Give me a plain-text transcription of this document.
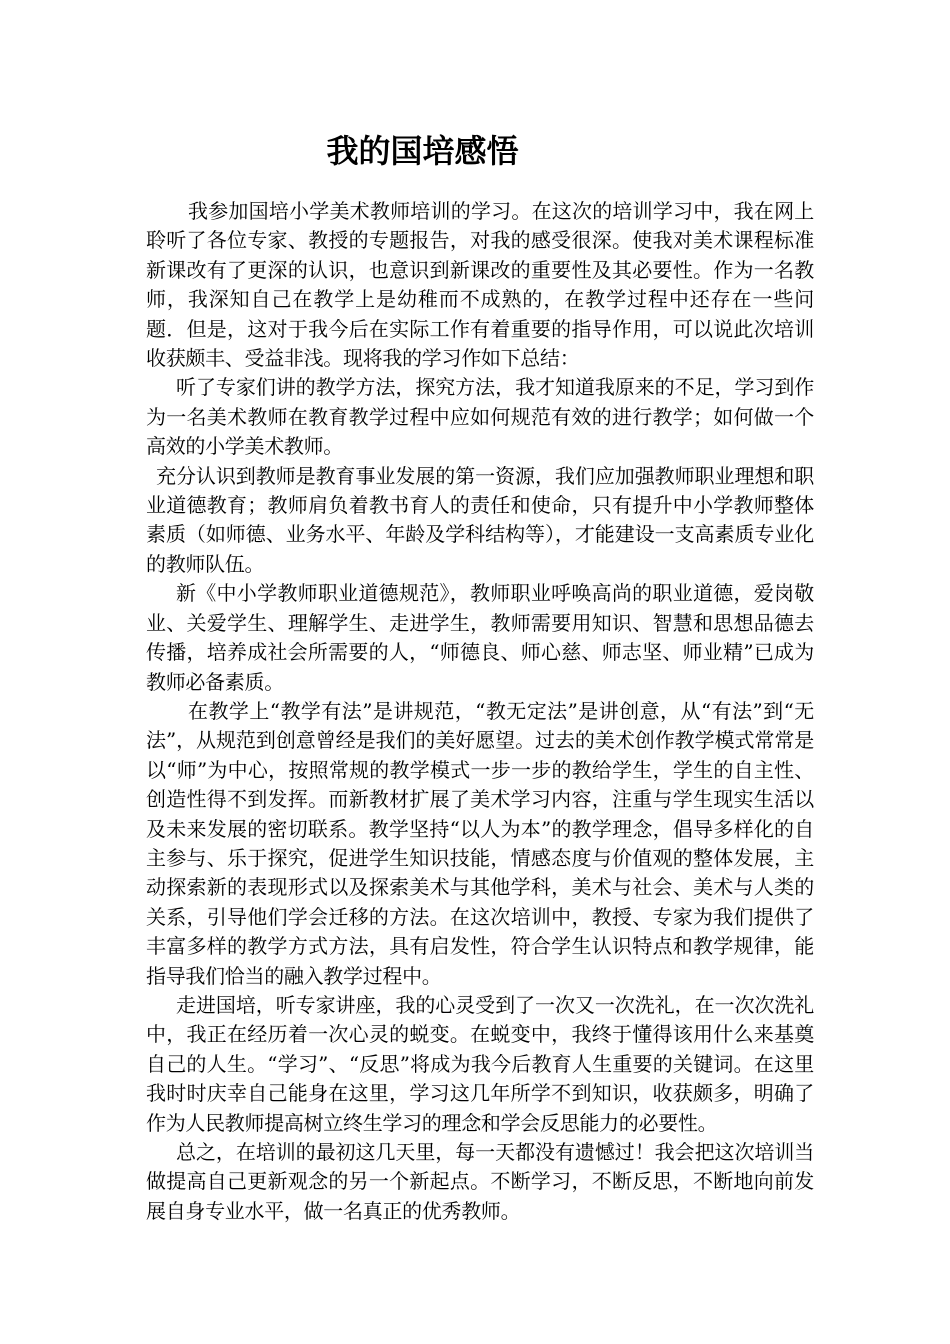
我的国培感悟

我参加国培小学美术教师培训的学习。在这次的培训学习中，我在网上聆听了各位专家、教授的专题报告，对我的感受很深。使我对美术课程标准新课改有了更深的认识，也意识到新课改的重要性及其必要性。作为一名教师，我深知自己在教学上是幼稚而不成熟的，在教学过程中还存在一些问题．但是，这对于我今后在实际工作有着重要的指导作用，可以说此次培训收获颇丰、受益非浅。现将我的学习作如下总结：

听了专家们讲的教学方法，探究方法，我才知道我原来的不足，学习到作为一名美术教师在教育教学过程中应如何规范有效的进行教学；如何做一个高效的小学美术教师。

充分认识到教师是教育事业发展的第一资源，我们应加强教师职业理想和职业道德教育；教师肩负着教书育人的责任和使命，只有提升中小学教师整体素质（如师德、业务水平、年龄及学科结构等），才能建设一支高素质专业化的教师队伍。

新《中小学教师职业道德规范》，教师职业呼唤高尚的职业道德，爱岗敬业、关爱学生、理解学生、走进学生，教师需要用知识、智慧和思想品德去传播，培养成社会所需要的人，“师德良、师心慈、师志坚、师业精”已成为教师必备素质。

在教学上“教学有法”是讲规范，“教无定法”是讲创意，从“有法”到“无法”，从规范到创意曾经是我们的美好愿望。过去的美术创作教学模式常常是以“师”为中心，按照常规的教学模式一步一步的教给学生，学生的自主性、创造性得不到发挥。而新教材扩展了美术学习内容，注重与学生现实生活以及未来发展的密切联系。教学坚持“以人为本”的教学理念，倡导多样化的自主参与、乐于探究，促进学生知识技能，情感态度与价值观的整体发展，主动探索新的表现形式以及探索美术与其他学科，美术与社会、美术与人类的关系，引导他们学会迁移的方法。在这次培训中，教授、专家为我们提供了丰富多样的教学方式方法，具有启发性，符合学生认识特点和教学规律，能指导我们恰当的融入教学过程中。

走进国培，听专家讲座，我的心灵受到了一次又一次洗礼，在一次次洗礼中，我正在经历着一次心灵的蜕变。在蜕变中，我终于懂得该用什么来基奠自己的人生。“学习”、“反思”将成为我今后教育人生重要的关键词。在这里我时时庆幸自己能身在这里，学习这几年所学不到知识，收获颇多，明确了作为人民教师提高树立终生学习的理念和学会反思能力的必要性。

总之，在培训的最初这几天里，每一天都没有遗憾过！我会把这次培训当做提高自己更新观念的另一个新起点。不断学习，不断反思，不断地向前发展自身专业水平，做一名真正的优秀教师。
